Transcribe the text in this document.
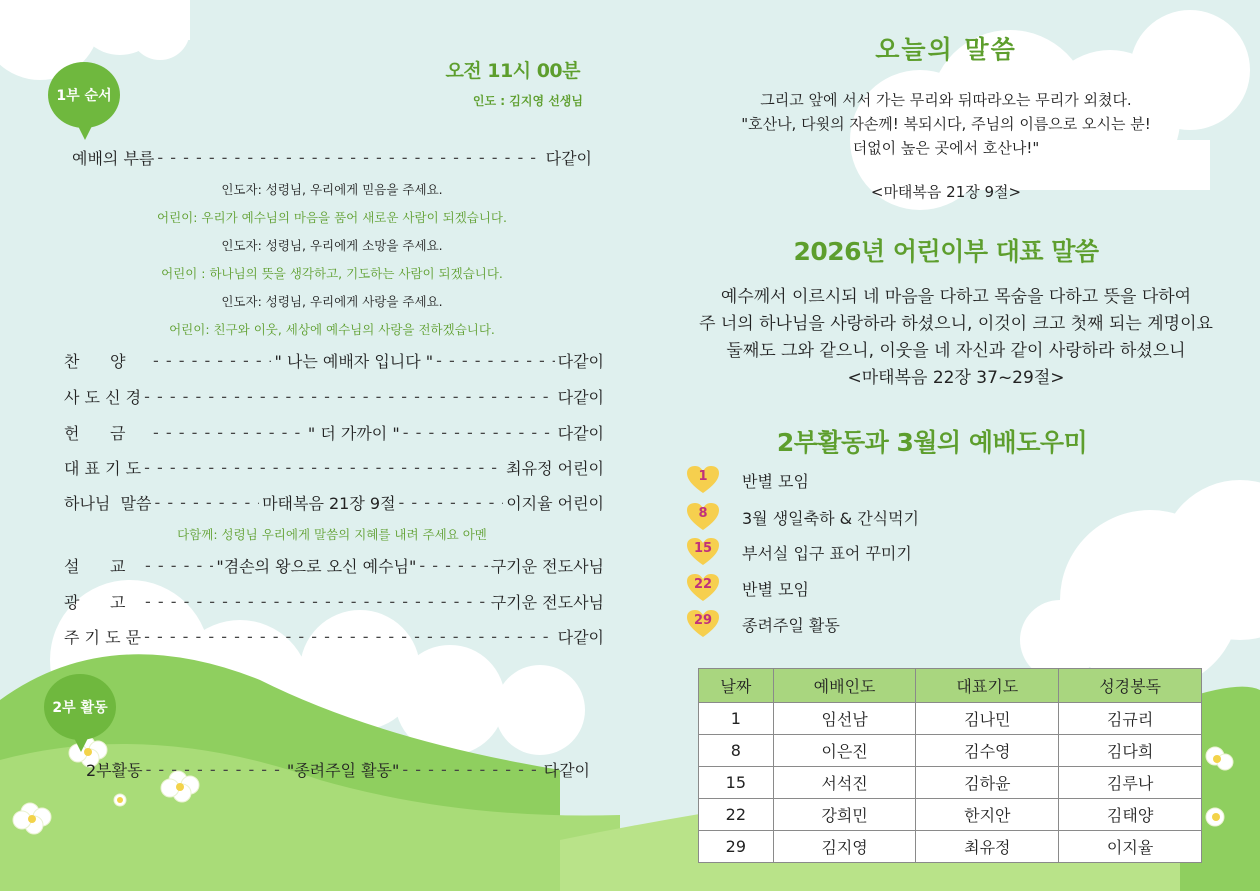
1부 순서
오전 11시 00분
인도 : 김지영 선생님
예배의 부름 - - -	다같이
인도자: 성령님, 우리에게 믿음을 주세요.
어린이: 우리가 예수님의 마음을 품어 새로운 사람이 되겠습니다.
인도자: 성령님, 우리에게 소망을 주세요.
어린이 : 하나님의 뜻을 생각하고, 기도하는 사람이 되겠습니다.
인도자: 성령님, 우리에게 사랑을 주세요.
어린이: 친구와 이웃, 세상에 예수님의 사랑을 전하겠습니다.
찬      양 - - -	" 나는 예배자 입니다 " - - -	다같이
사 도 신 경 - - -	다같이
헌      금 - - -	" 더 가까이 " - - -	다같이
대 표 기 도 - - -	최유정 어린이
하나님  말씀 - - -	마태복음 21장 9절 - - -	이지율 어린이
다함께: 성령님 우리에게 말씀의 지혜를 내려 주세요 아멘
설      교 - - -	"겸손의 왕으로 오신 예수님" - - -	구기운 전도사님
광      고 - - -	구기운 전도사님
주 기 도 문 - - -	다같이
2부 활동
2부활동 - - -	"종려주일 활동" - - -	다같이
오늘의 말씀
그리고 앞에 서서 가는 무리와 뒤따라오는 무리가 외쳤다.
"호산나, 다윗의 자손께! 복되시다, 주님의 이름으로 오시는 분!
더없이 높은 곳에서 호산나!"
<마태복음 21장 9절>
2026년 어린이부 대표 말씀
예수께서 이르시되 네 마음을 다하고 목숨을 다하고 뜻을 다하여
주 너의 하나님을 사랑하라 하셨으니, 이것이 크고 첫째 되는 계명이요
둘째도 그와 같으니, 이웃을 네 자신과 같이 사랑하라 하셨으니
<마태복음 22장 37~29절>
2부활동과 3월의 예배도우미
1	반별 모임
8	3월 생일축하 & 간식먹기
15	부서실 입구 표어 꾸미기
22	반별 모임
29	종려주일 활동
날짜	예배인도	대표기도	성경봉독
1	임선남	김나민	김규리
8	이은진	김수영	김다희
15	서석진	김하윤	김루나
22	강희민	한지안	김태양
29	김지영	최유정	이지율
